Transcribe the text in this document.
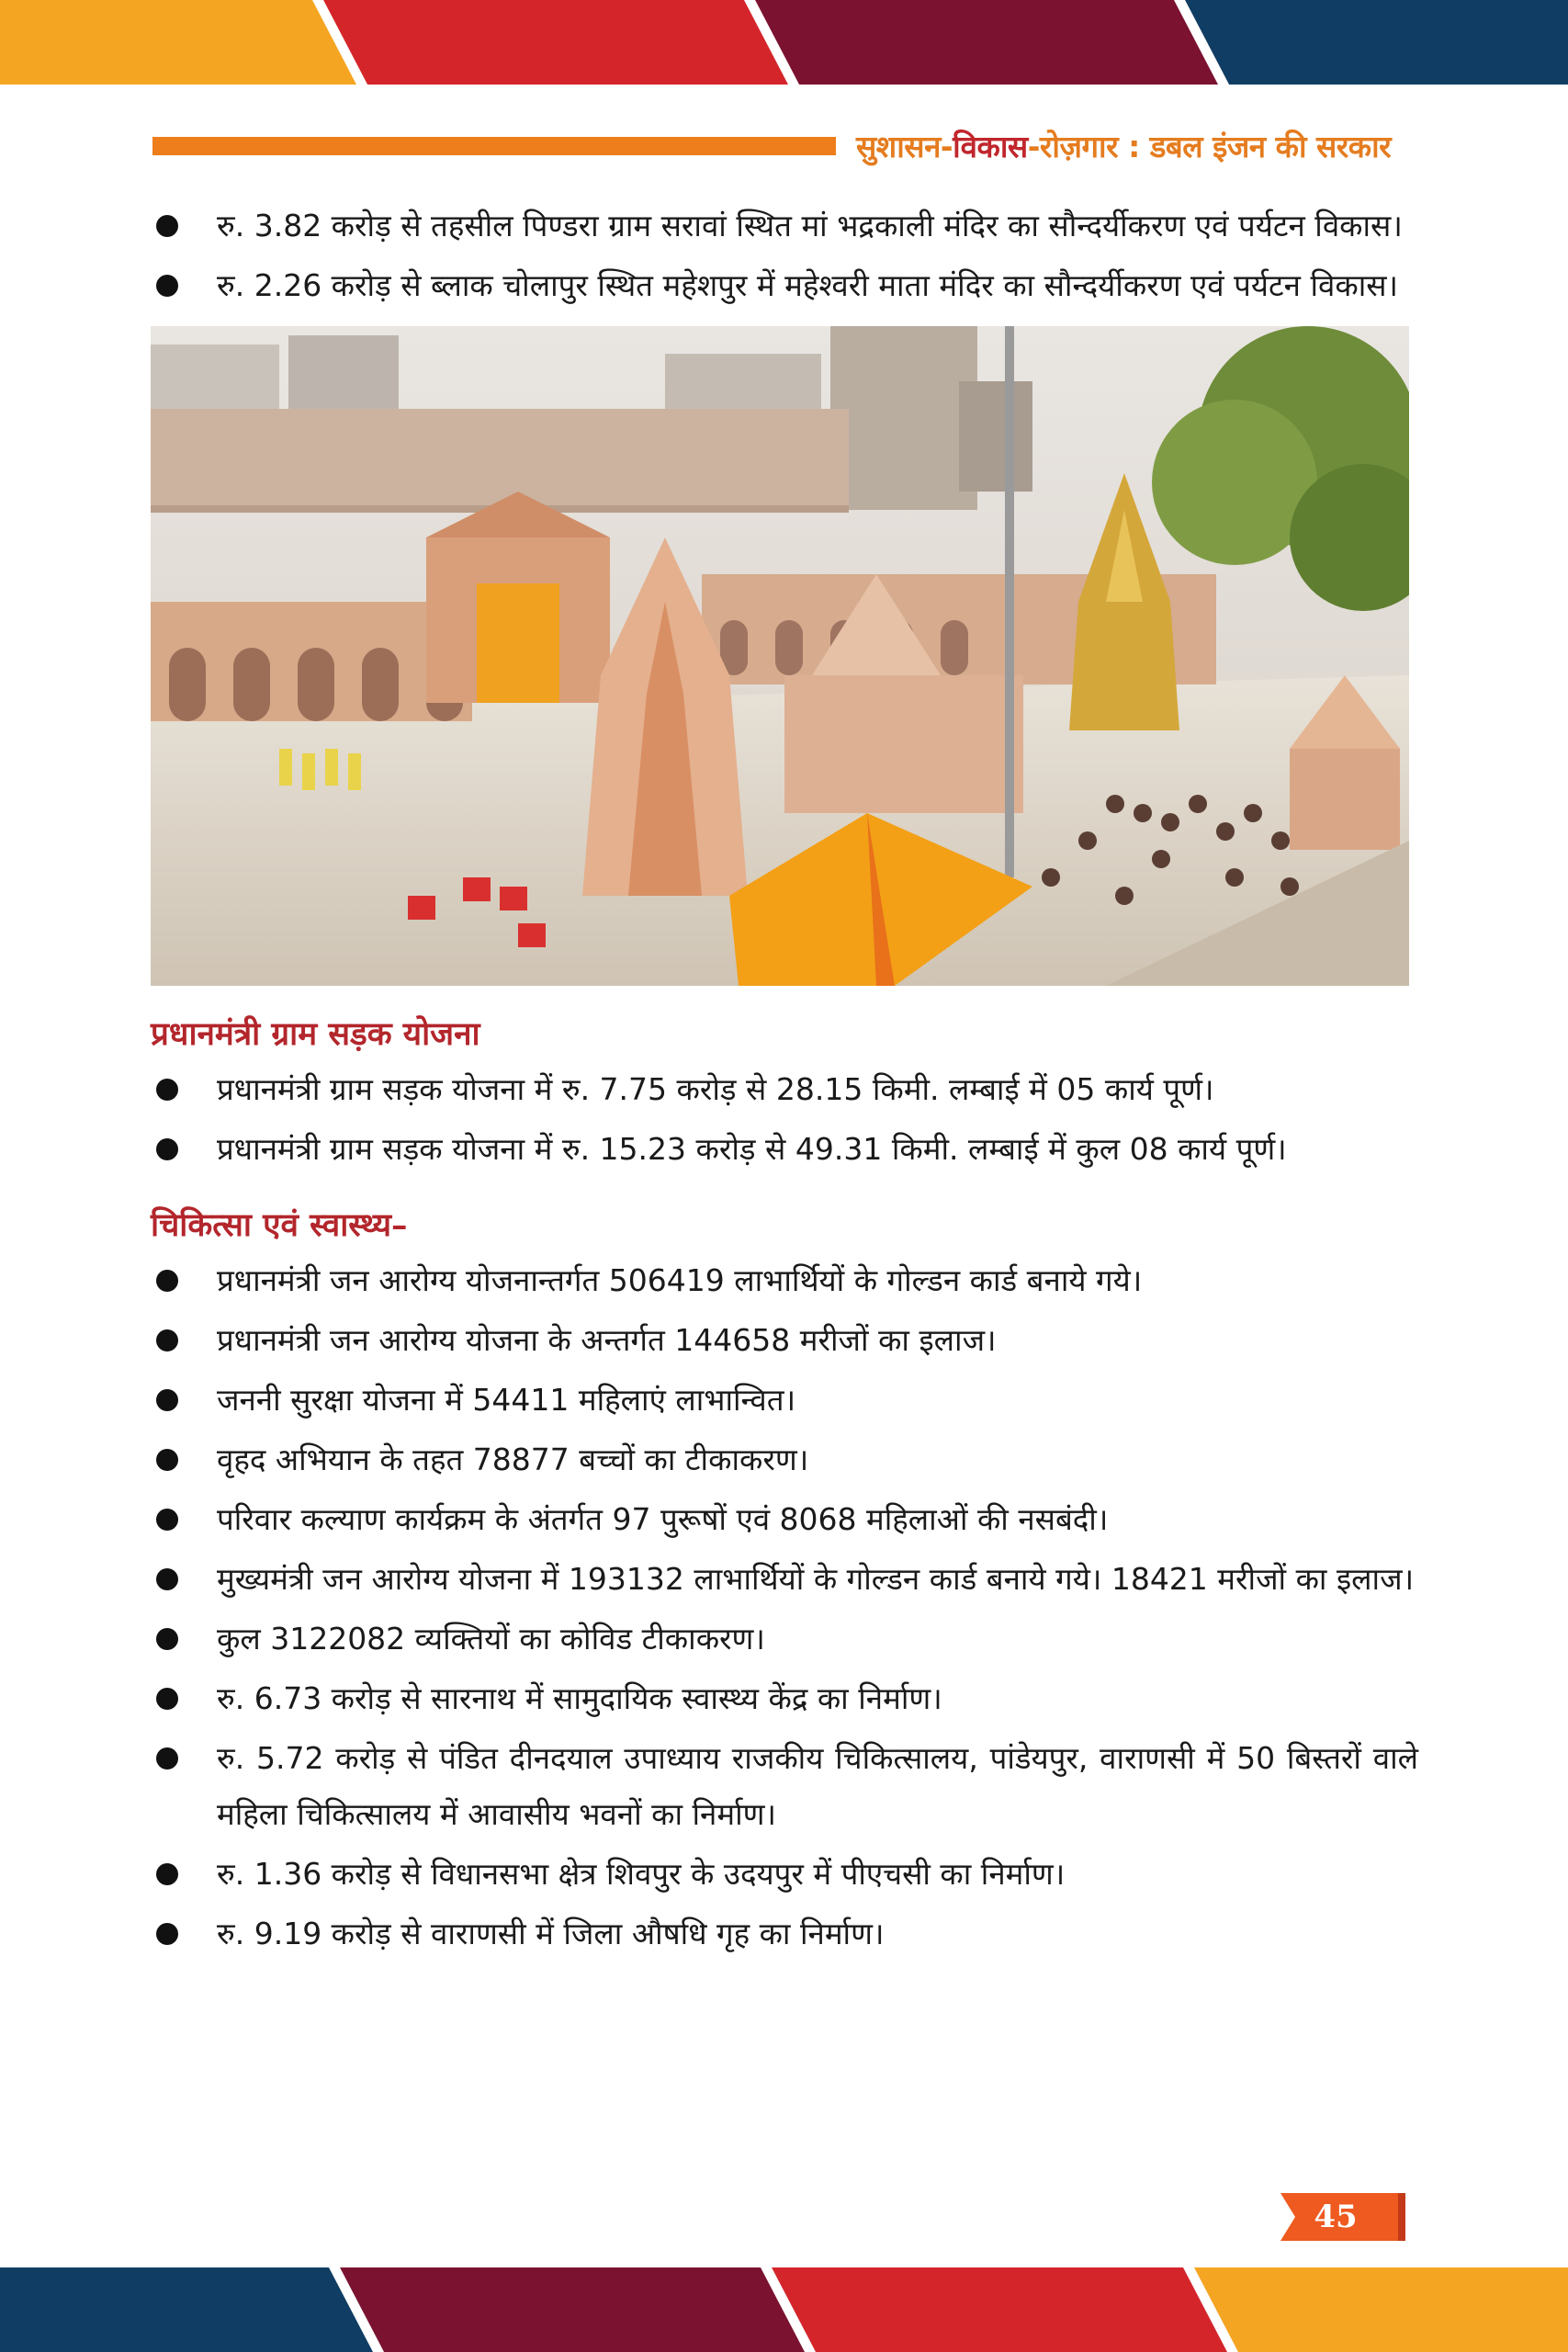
सुशासन-विकास-रोज़गार : डबल इंजन की सरकार
रु. 3.82 करोड़ से तहसील पिण्डरा ग्राम सरावां स्थित मां भद्रकाली मंदिर का सौन्दर्यीकरण एवं पर्यटन विकास।
रु. 2.26 करोड़ से ब्लाक चोलापुर स्थित महेशपुर में महेश्वरी माता मंदिर का सौन्दर्यीकरण एवं पर्यटन विकास।
प्रधानमंत्री ग्राम सड़क योजना
प्रधानमंत्री ग्राम सड़क योजना में रु. 7.75 करोड़ से 28.15 किमी. लम्बाई में 05 कार्य पूर्ण।
प्रधानमंत्री ग्राम सड़क योजना में रु. 15.23 करोड़ से 49.31 किमी. लम्बाई में कुल 08 कार्य पूर्ण।
चिकित्सा एवं स्वास्थ्य–
प्रधानमंत्री जन आरोग्य योजनान्तर्गत 506419 लाभार्थियों के गोल्डन कार्ड बनाये गये।
प्रधानमंत्री जन आरोग्य योजना के अन्तर्गत 144658 मरीजों का इलाज।
जननी सुरक्षा योजना में 54411 महिलाएं लाभान्वित।
वृहद अभियान के तहत 78877 बच्चों का टीकाकरण।
परिवार कल्याण कार्यक्रम के अंतर्गत 97 पुरूषों एवं 8068 महिलाओं की नसबंदी।
मुख्यमंत्री जन आरोग्य योजना में 193132 लाभार्थियों के गोल्डन कार्ड बनाये गये। 18421 मरीजों का इलाज।
कुल 3122082 व्यक्तियों का कोविड टीकाकरण।
रु. 6.73 करोड़ से सारनाथ में सामुदायिक स्वास्थ्य केंद्र का निर्माण।
रु. 5.72 करोड़ से पंडित दीनदयाल उपाध्याय राजकीय चिकित्सालय, पांडेयपुर, वाराणसी में 50 बिस्तरों वाले महिला चिकित्सालय में आवासीय भवनों का निर्माण।
रु. 1.36 करोड़ से विधानसभा क्षेत्र शिवपुर के उदयपुर में पीएचसी का निर्माण।
रु. 9.19 करोड़ से वाराणसी में जिला औषधि गृह का निर्माण।
45
